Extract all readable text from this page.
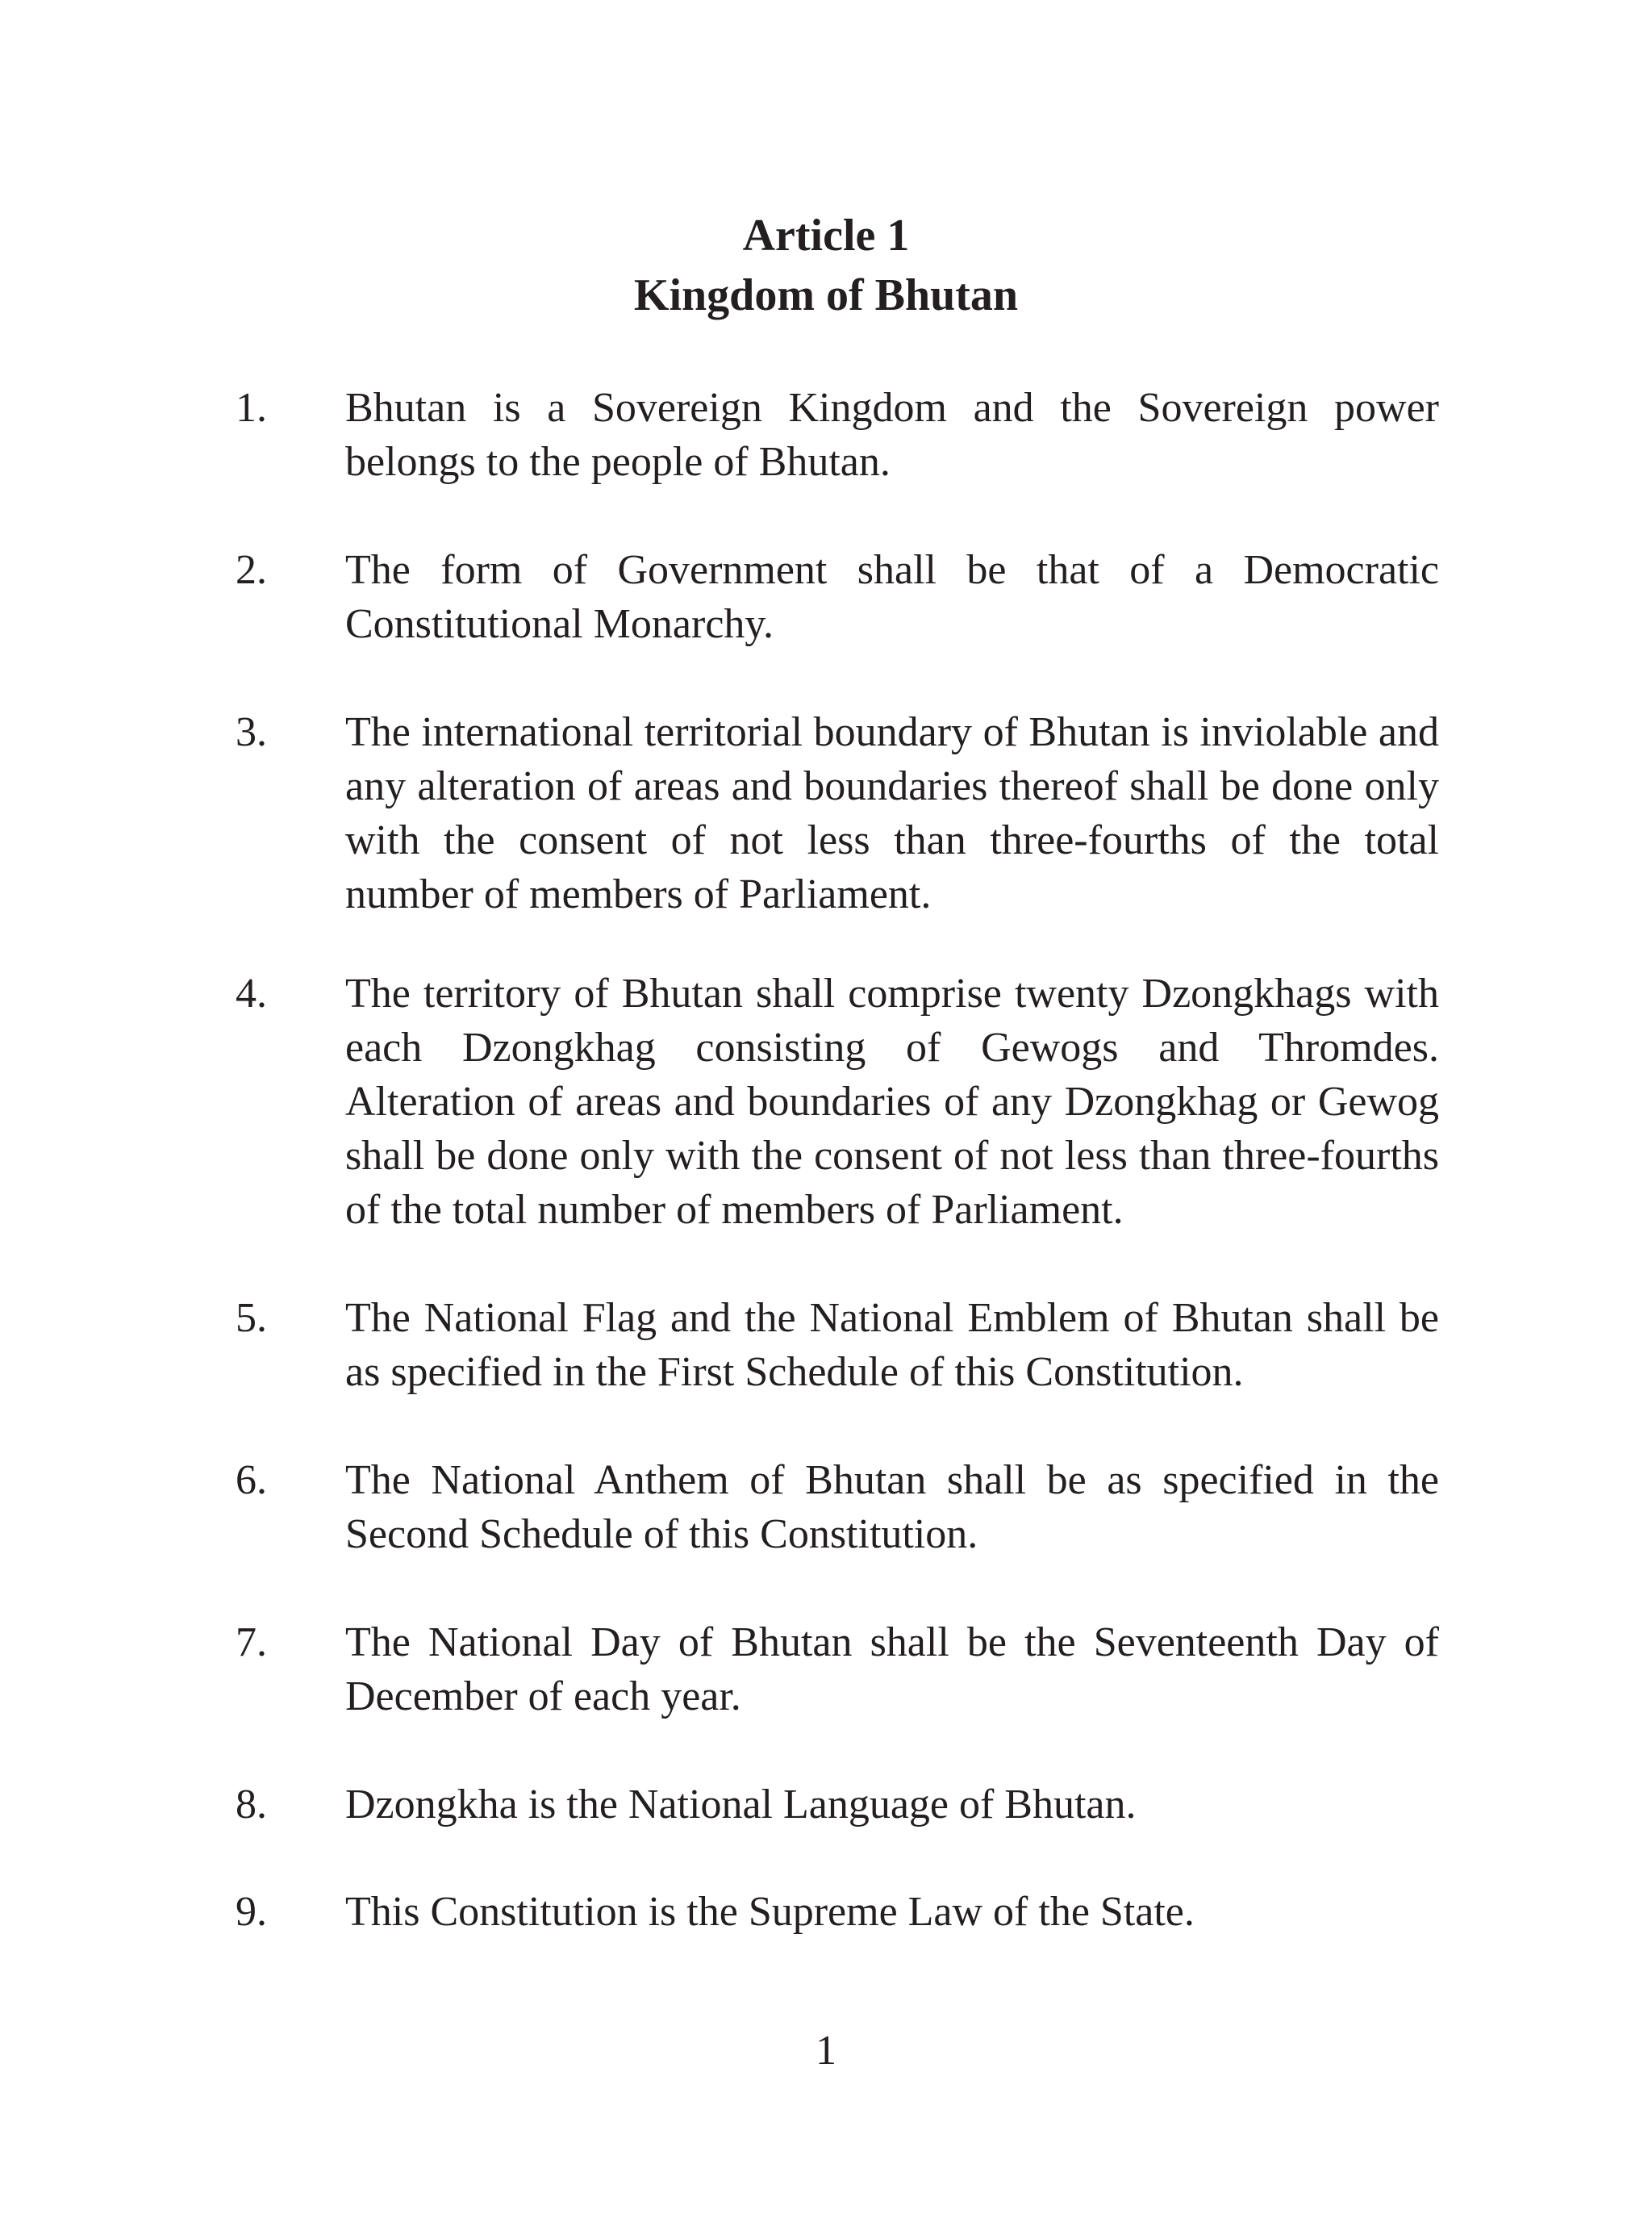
Article 1
Kingdom of Bhutan
1. Bhutan is a Sovereign Kingdom and the Sovereign power belongs to the people of Bhutan.
2. The form of Government shall be that of a Democratic Constitutional Monarchy.
3. The international territorial boundary of Bhutan is inviolable and any alteration of areas and boundaries thereof shall be done only with the consent of not less than three-fourths of the total number of members of Parliament.
4. The territory of Bhutan shall comprise twenty Dzongkhags with each Dzongkhag consisting of Gewogs and Thromdes. Alteration of areas and boundaries of any Dzongkhag or Gewog shall be done only with the consent of not less than three-fourths of the total number of members of Parliament.
5. The National Flag and the National Emblem of Bhutan shall be as specified in the First Schedule of this Constitution.
6. The National Anthem of Bhutan shall be as specified in the Second Schedule of this Constitution.
7. The National Day of Bhutan shall be the Seventeenth Day of December of each year.
8. Dzongkha is the National Language of Bhutan.
9. This Constitution is the Supreme Law of the State.
1
